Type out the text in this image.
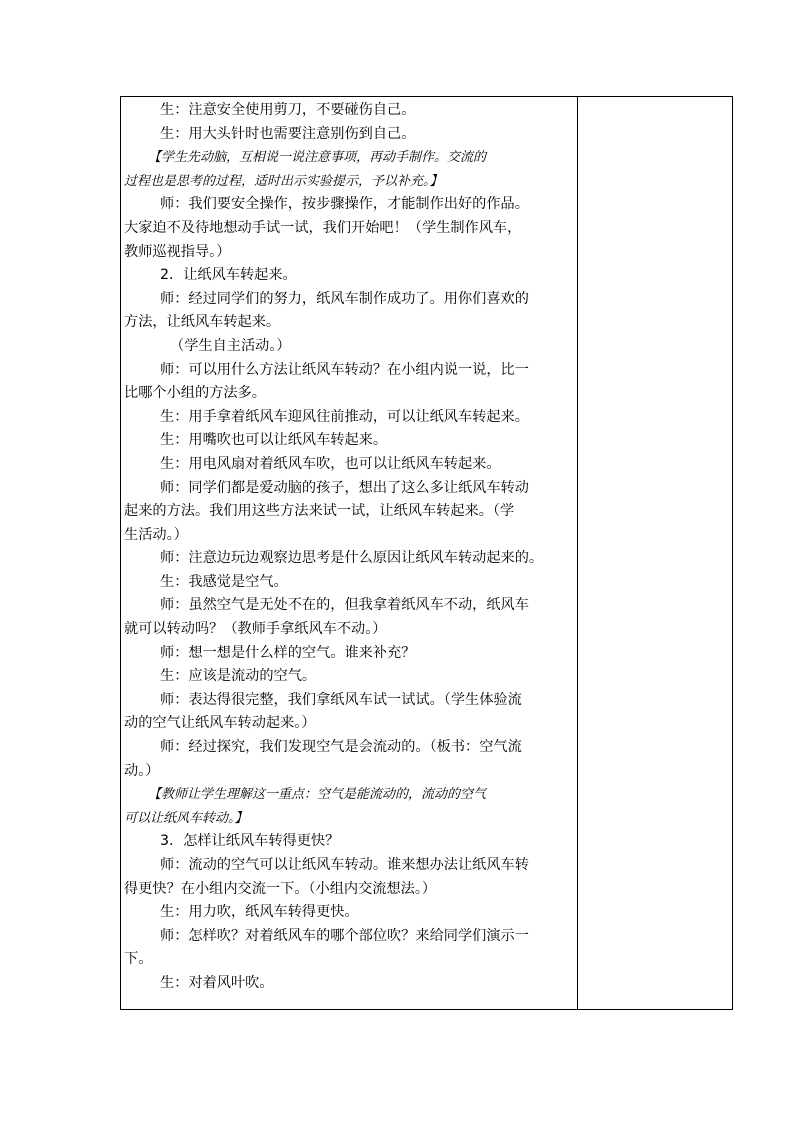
生：注意安全使用剪刀，不要碰伤自己。
生：用大头针时也需要注意别伤到自己。
【学生先动脑，互相说一说注意事项，再动手制作。交流的
过程也是思考的过程，适时出示实验提示，予以补充。】
师：我们要安全操作，按步骤操作，才能制作出好的作品。
大家迫不及待地想动手试一试，我们开始吧！（学生制作风车，
教师巡视指导。）
2．让纸风车转起来。
师：经过同学们的努力，纸风车制作成功了。用你们喜欢的
方法，让纸风车转起来。
（学生自主活动。）
师：可以用什么方法让纸风车转动？在小组内说一说，比一
比哪个小组的方法多。
生：用手拿着纸风车迎风往前推动，可以让纸风车转起来。
生：用嘴吹也可以让纸风车转起来。
生：用电风扇对着纸风车吹，也可以让纸风车转起来。
师：同学们都是爱动脑的孩子，想出了这么多让纸风车转动
起来的方法。我们用这些方法来试一试，让纸风车转起来。（学
生活动。）
师：注意边玩边观察边思考是什么原因让纸风车转动起来的。
生：我感觉是空气。
师：虽然空气是无处不在的，但我拿着纸风车不动，纸风车
就可以转动吗？（教师手拿纸风车不动。）
师：想一想是什么样的空气。谁来补充？
生：应该是流动的空气。
师：表达得很完整，我们拿纸风车试一试试。（学生体验流
动的空气让纸风车转动起来。）
师：经过探究，我们发现空气是会流动的。（板书：空气流
动。）
【教师让学生理解这一重点：空气是能流动的，流动的空气
可以让纸风车转动。】
3．怎样让纸风车转得更快？
师：流动的空气可以让纸风车转动。谁来想办法让纸风车转
得更快？在小组内交流一下。（小组内交流想法。）
生：用力吹，纸风车转得更快。
师：怎样吹？对着纸风车的哪个部位吹？来给同学们演示一
下。
生：对着风叶吹。
